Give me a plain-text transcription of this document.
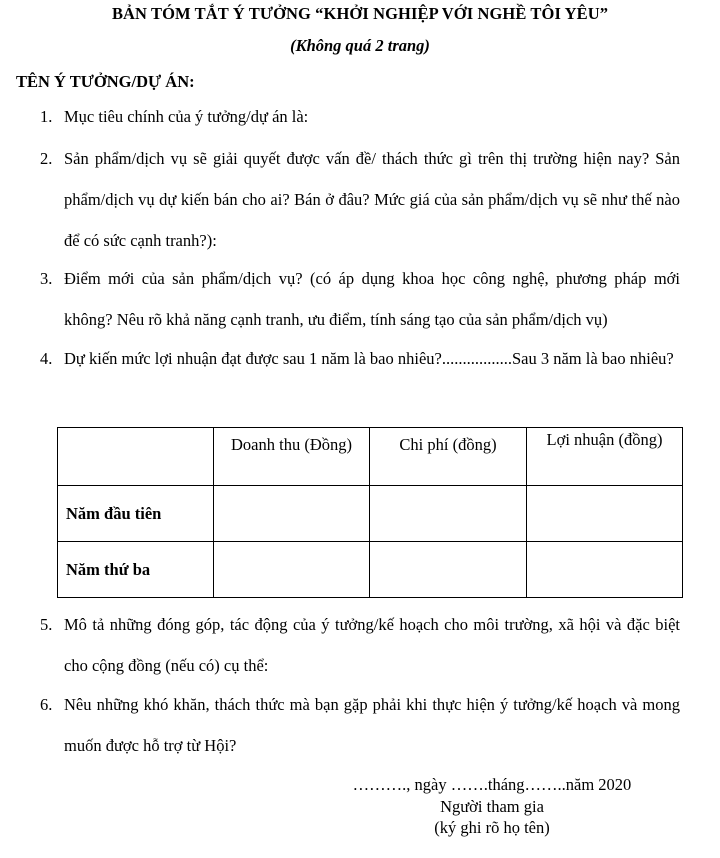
BẢN TÓM TẮT Ý TƯỞNG “KHỞI NGHIỆP VỚI NGHỀ TÔI YÊU”
(Không quá 2 trang)
TÊN Ý TƯỞNG/DỰ ÁN:
1. Mục tiêu chính của ý tưởng/dự án là:
2. Sản phẩm/dịch vụ sẽ giải quyết được vấn đề/ thách thức gì trên thị trường hiện nay? Sản phẩm/dịch vụ dự kiến bán cho ai? Bán ở đâu? Mức giá của sản phẩm/dịch vụ sẽ như thế nào để có sức cạnh tranh?):
3. Điểm mới của sản phẩm/dịch vụ? (có áp dụng khoa học công nghệ, phương pháp mới không? Nêu rõ khả năng cạnh tranh, ưu điểm, tính sáng tạo của sản phẩm/dịch vụ)
4. Dự kiến mức lợi nhuận đạt được sau 1 năm là bao nhiêu?.................Sau 3 năm là bao nhiêu?
	Doanh thu (Đồng)	Chi phí (đồng)	Lợi nhuận (đồng)
Năm đầu tiên			
Năm thứ ba			
5. Mô tả những đóng góp, tác động của ý tưởng/kế hoạch cho môi trường, xã hội và đặc biệt cho cộng đồng (nếu có) cụ thể:
6. Nêu những khó khăn, thách thức mà bạn gặp phải khi thực hiện ý tưởng/kế hoạch và mong muốn được hỗ trợ từ Hội?
………., ngày …….tháng……..năm 2020
Người tham gia
(ký ghi rõ họ tên)
